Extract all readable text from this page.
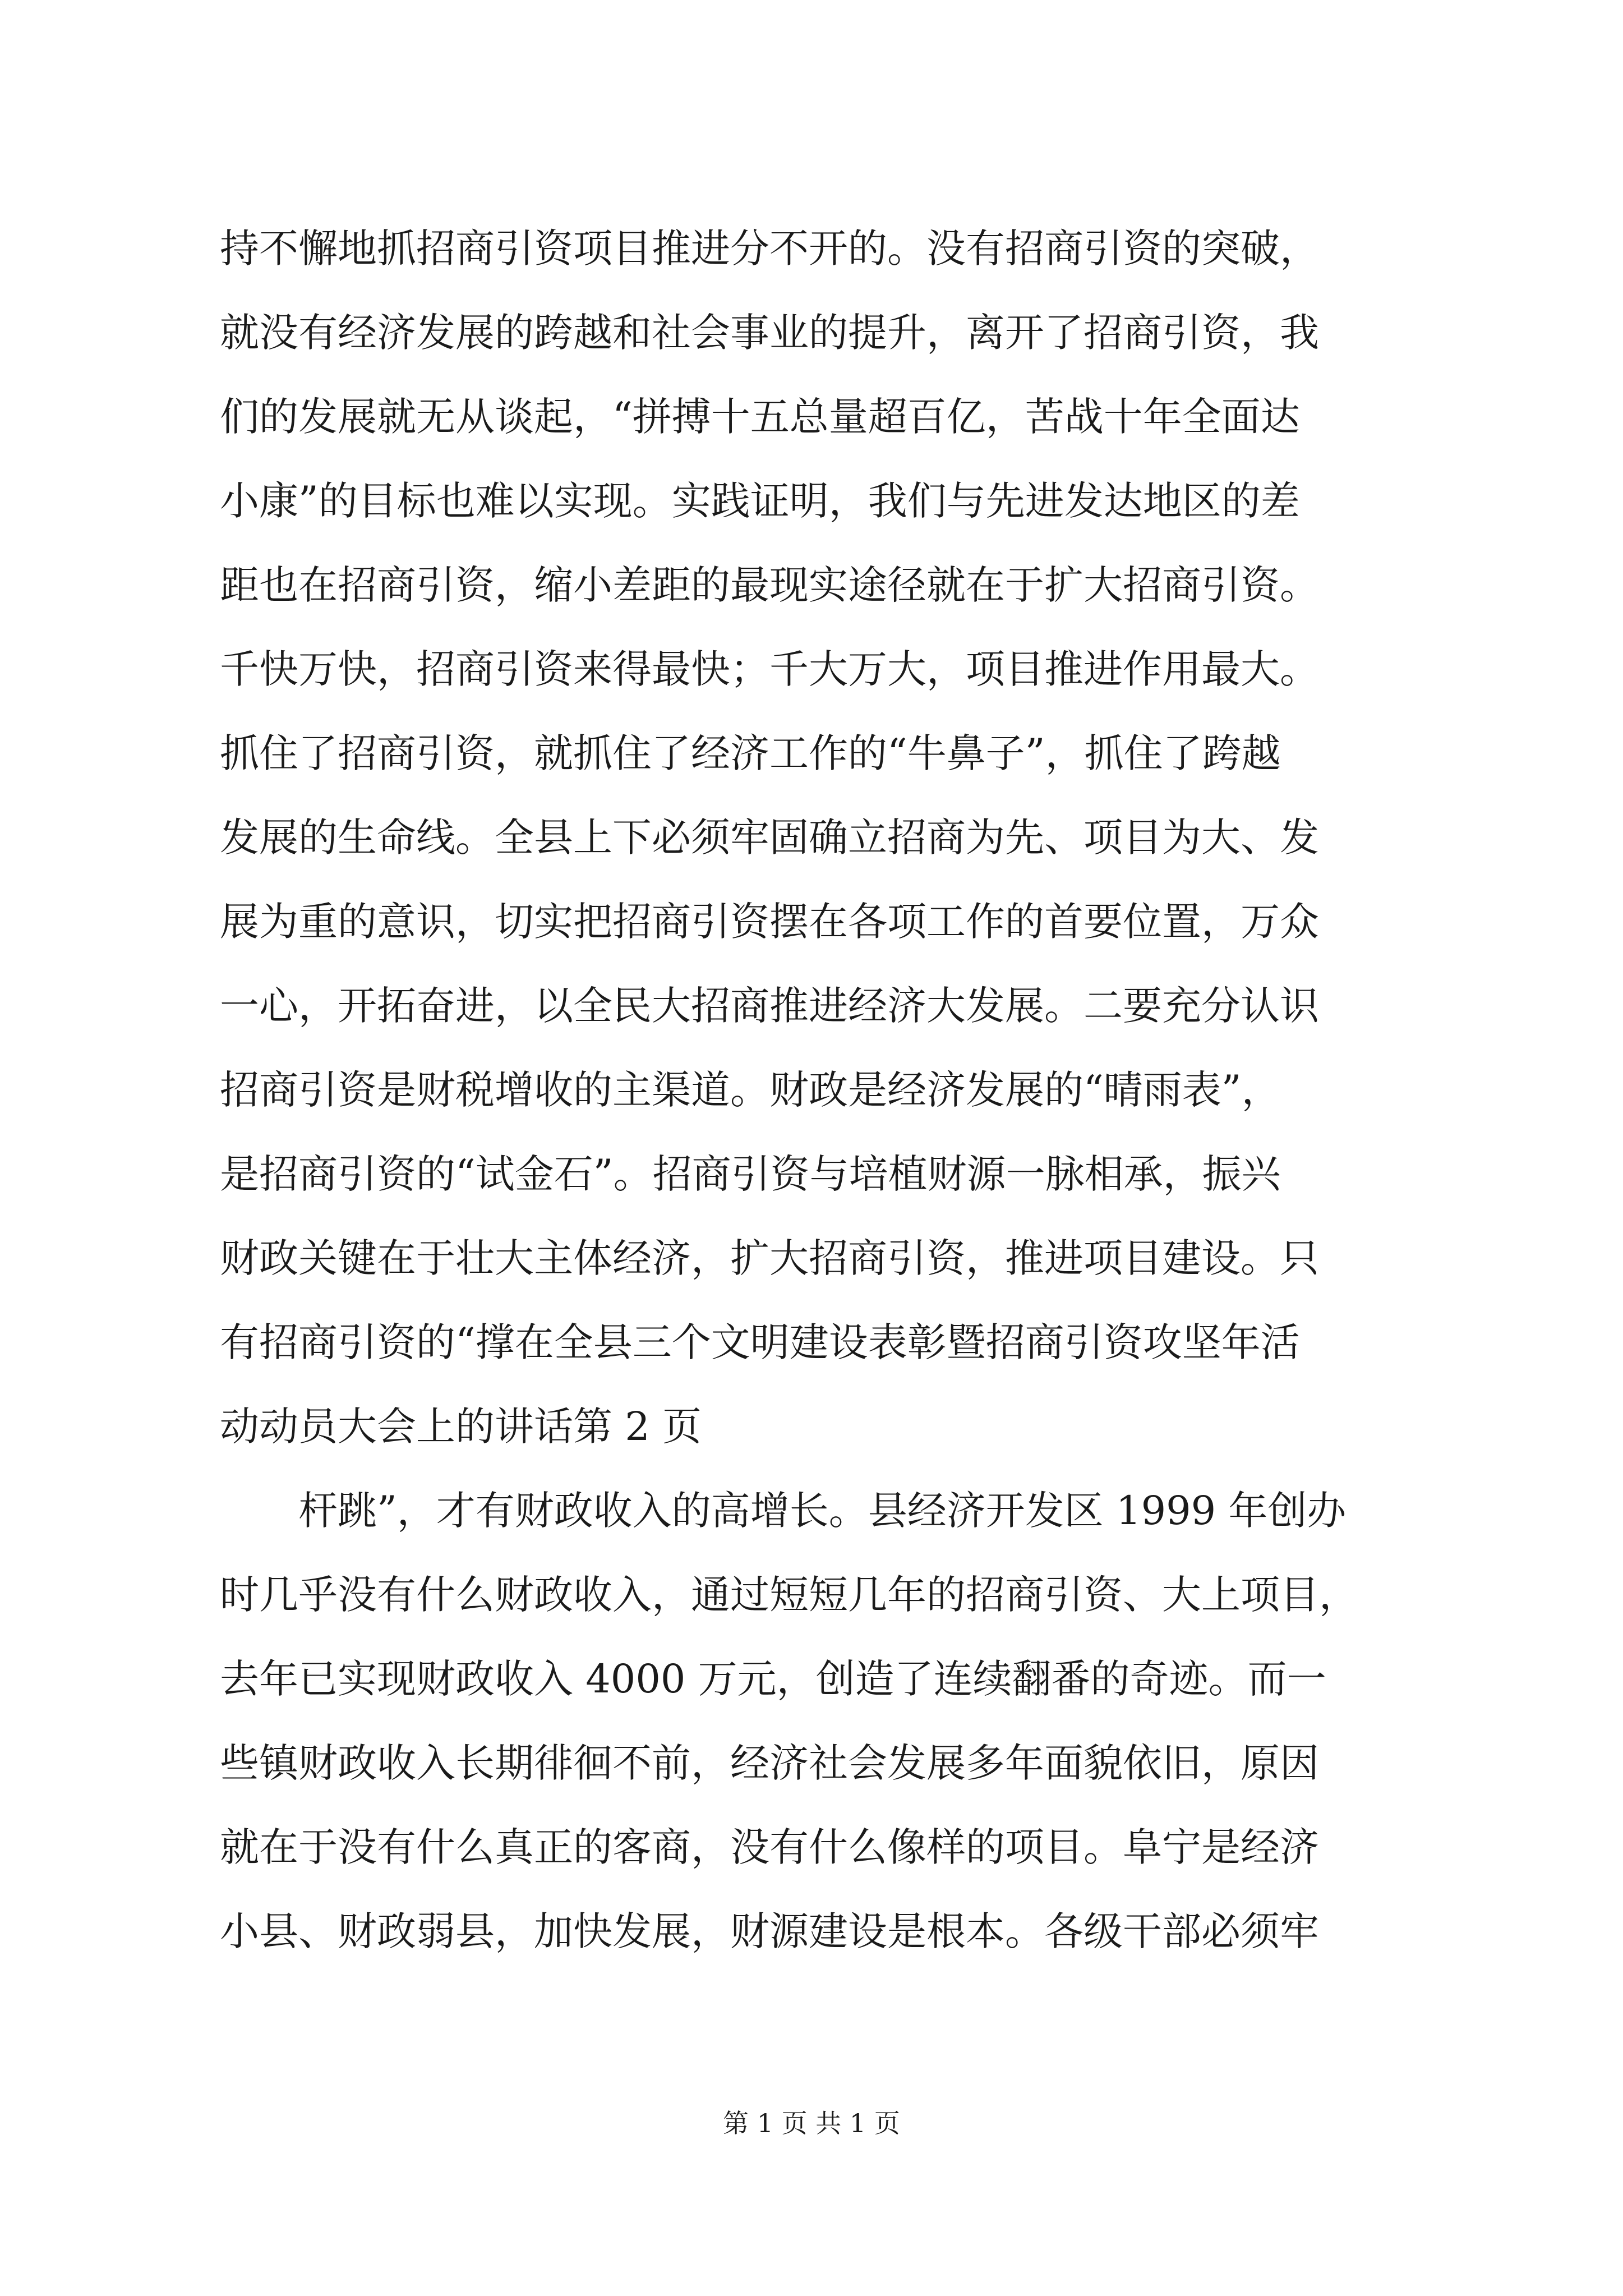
持不懈地抓招商引资项目推进分不开的。没有招商引资的突破，
就没有经济发展的跨越和社会事业的提升，离开了招商引资，我
们的发展就无从谈起，“拼搏十五总量超百亿，苦战十年全面达
小康”的目标也难以实现。实践证明，我们与先进发达地区的差
距也在招商引资，缩小差距的最现实途径就在于扩大招商引资。
千快万快，招商引资来得最快；千大万大，项目推进作用最大。
抓住了招商引资，就抓住了经济工作的“牛鼻子”，抓住了跨越
发展的生命线。全县上下必须牢固确立招商为先、项目为大、发
展为重的意识，切实把招商引资摆在各项工作的首要位置，万众
一心，开拓奋进，以全民大招商推进经济大发展。二要充分认识
招商引资是财税增收的主渠道。财政是经济发展的“晴雨表”，
是招商引资的“试金石”。招商引资与培植财源一脉相承，振兴
财政关键在于壮大主体经济，扩大招商引资，推进项目建设。只
有招商引资的“撑在全县三个文明建设表彰暨招商引资攻坚年活
动动员大会上的讲话第 2 页
杆跳”，才有财政收入的高增长。县经济开发区 1999 年创办
时几乎没有什么财政收入，通过短短几年的招商引资、大上项目，
去年已实现财政收入 4000 万元，创造了连续翻番的奇迹。而一
些镇财政收入长期徘徊不前，经济社会发展多年面貌依旧，原因
就在于没有什么真正的客商，没有什么像样的项目。阜宁是经济
小县、财政弱县，加快发展，财源建设是根本。各级干部必须牢
第 1 页 共 1 页
